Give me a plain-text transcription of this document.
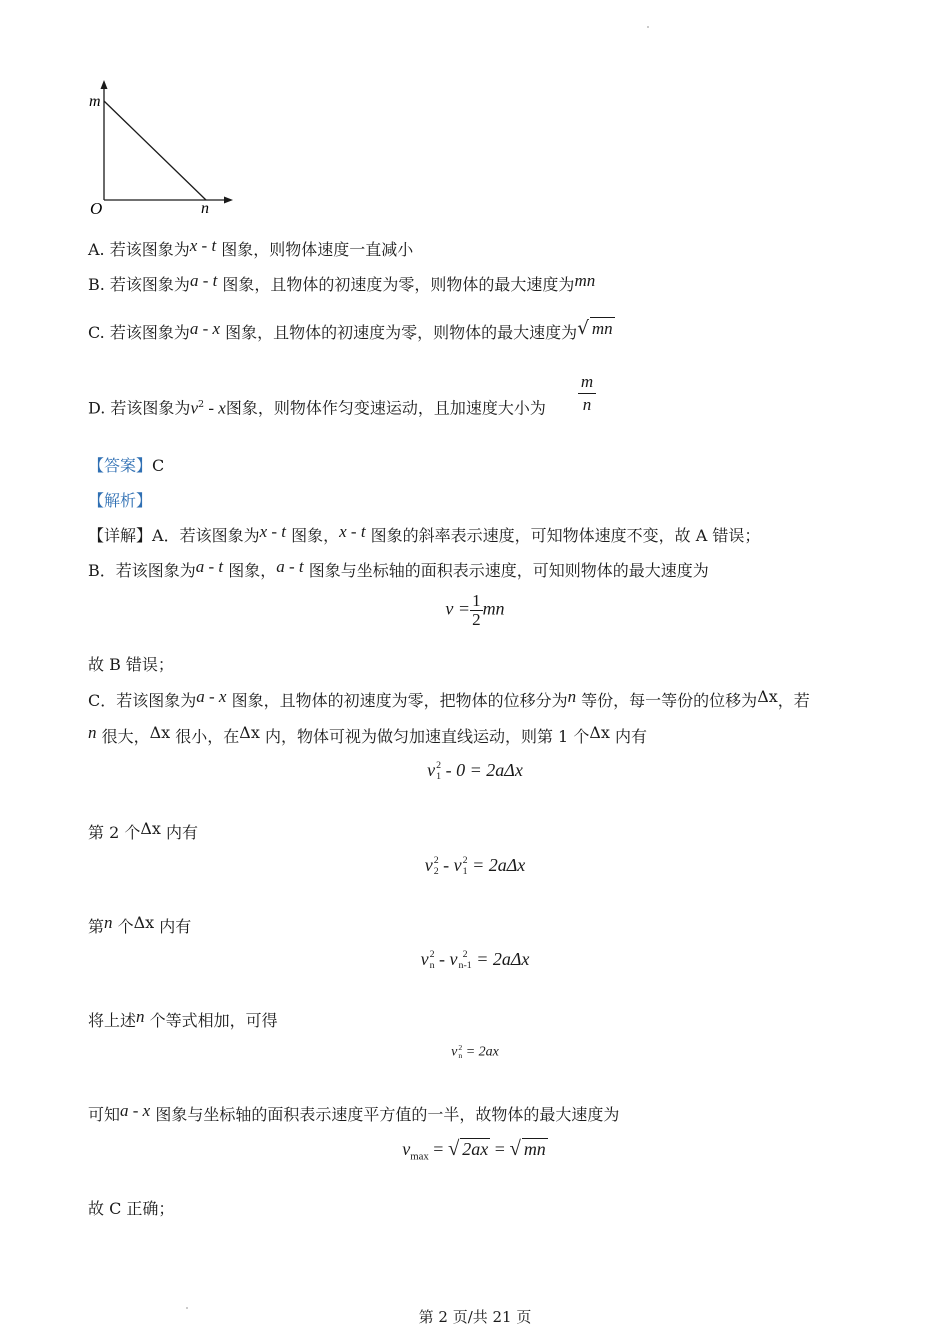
m
n
O
A. 若该图象为x - t 图象，则物体速度一直减小
B. 若该图象为a - t 图象，且物体的初速度为零，则物体的最大速度为mn
C. 若该图象为a - x 图象，且物体的初速度为零，则物体的最大速度为√ mn
D. 若该图象为$v^2$ - x图象，则物体作匀变速运动，且加速度大小为
m
n
【答案】C
【解析】
【详解】A．若该图象为x - t 图象，x - t 图象的斜率表示速度，可知物体速度不变，故 A 错误；
B．若该图象为a - t 图象，a - t 图象与坐标轴的面积表示速度，可知则物体的最大速度为
$v = \frac{1}{2}$ mn
故 B 错误；
C．若该图象为a - x 图象，且物体的初速度为零，把物体的位移分为n 等份，每一等份的位移为Δx，若
n 很大，Δx 很小，在Δx 内，物体可视为做匀加速直线运动，则第 1 个Δx 内有
v 2
1 - 0 = 2aΔx
第 2 个Δx 内有
v 2
2 - v 2
1 = 2aΔx
第n 个Δx 内有
v 2
n - v 2
n-1 = 2aΔx
将上述n 个等式相加，可得
v 2
n = 2ax
可知a - x 图象与坐标轴的面积表示速度平方值的一半，故物体的最大速度为
$v_{max}$ = √ 2ax = √ mn
故 C 正确；
第 2 页/共 21 页
